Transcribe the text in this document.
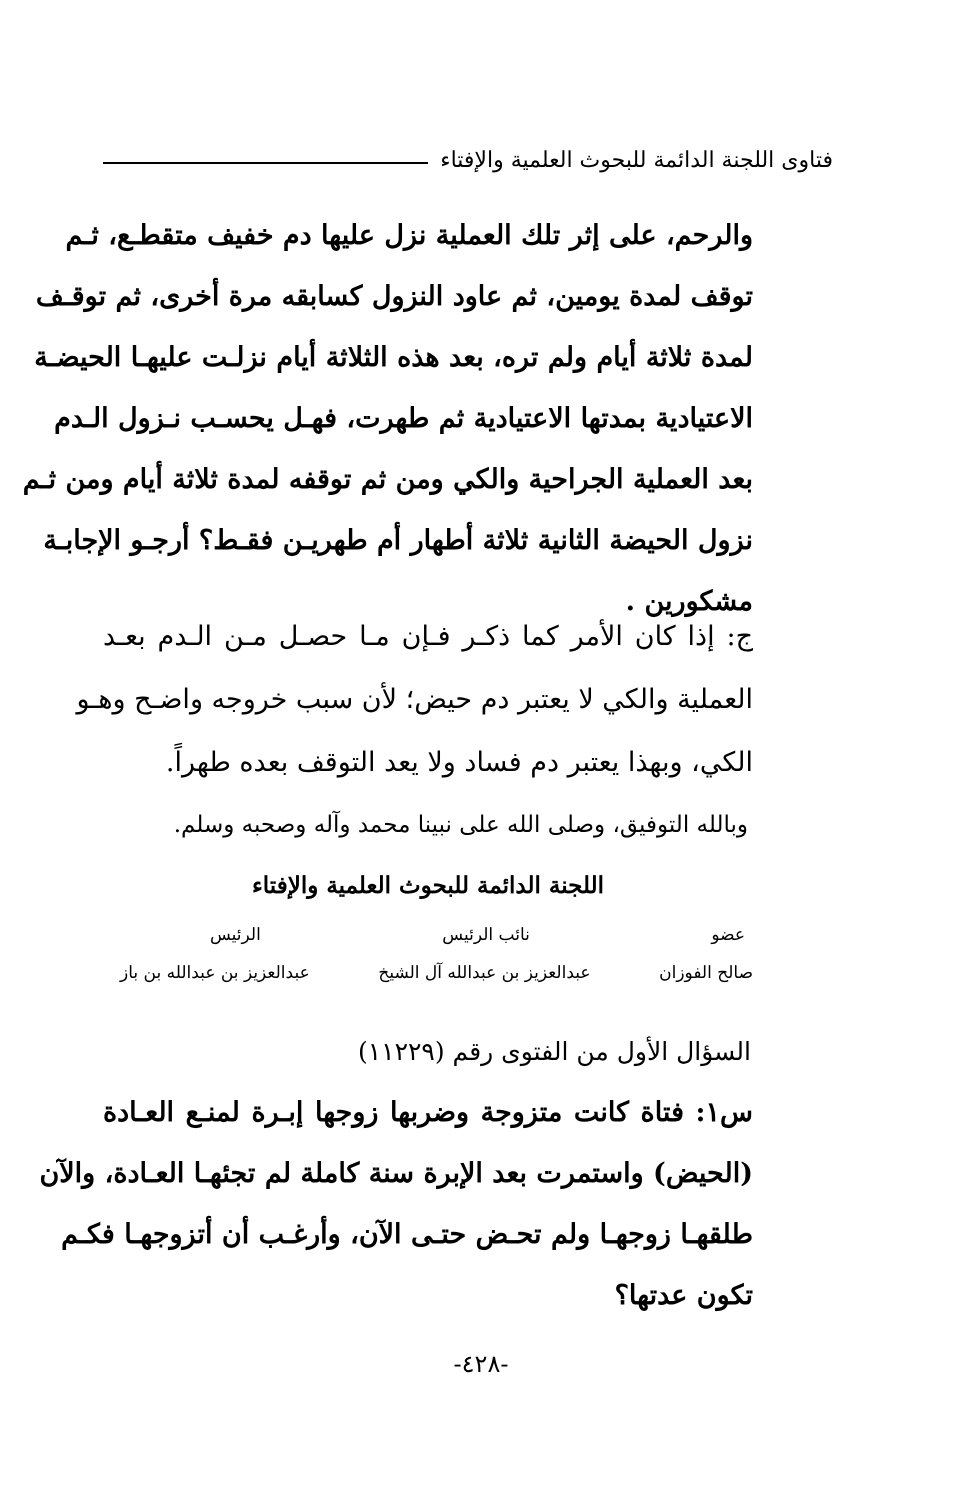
فتاوى اللجنة الدائمة للبحوث العلمية والإفتاء
والرحم، على إثر تلك العملية نزل عليها دم خفيف متقطـع، ثـم
توقف لمدة يومين، ثم عاود النزول كسابقه مرة أخرى، ثم توقـف
لمدة ثلاثة أيام ولم تره، بعد هذه الثلاثة أيام نزلـت عليهـا الحيضـة
الاعتيادية بمدتها الاعتيادية ثم طهرت، فهـل يحسـب نـزول الـدم
بعد العملية الجراحية والكي ومن ثم توقفه لمدة ثلاثة أيام ومن ثـم
نزول الحيضة الثانية ثلاثة أطهار أم طهريـن فقـط؟ أرجـو الإجابـة
مشكورين .
ج: إذا كان الأمر كما ذكـر فـإن مـا حصـل مـن الـدم بعـد
العملية والكي لا يعتبر دم حيض؛ لأن سبب خروجه واضـح وهـو
الكي، وبهذا يعتبر دم فساد ولا يعد التوقف بعده طهراً.
وبالله التوفيق، وصلى الله على نبينا محمد وآله وصحبه وسلم.
اللجنة الدائمة للبحوث العلمية والإفتاء
عضو
نائب الرئيس
الرئيس
صالح الفوزان
عبدالعزيز بن عبدالله آل الشيخ
عبدالعزيز بن عبدالله بن باز
السؤال الأول من الفتوى رقم (١١٢٢٩)
س١: فتاة كانت متزوجة وضربها زوجها إبـرة لمنـع العـادة
(الحيض) واستمرت بعد الإبرة سنة كاملة لم تجئهـا العـادة، والآن
طلقهـا زوجهـا ولم تحـض حتـى الآن، وأرغـب أن أتزوجهـا فكـم
تكون عدتها؟
-٤٢٨-
